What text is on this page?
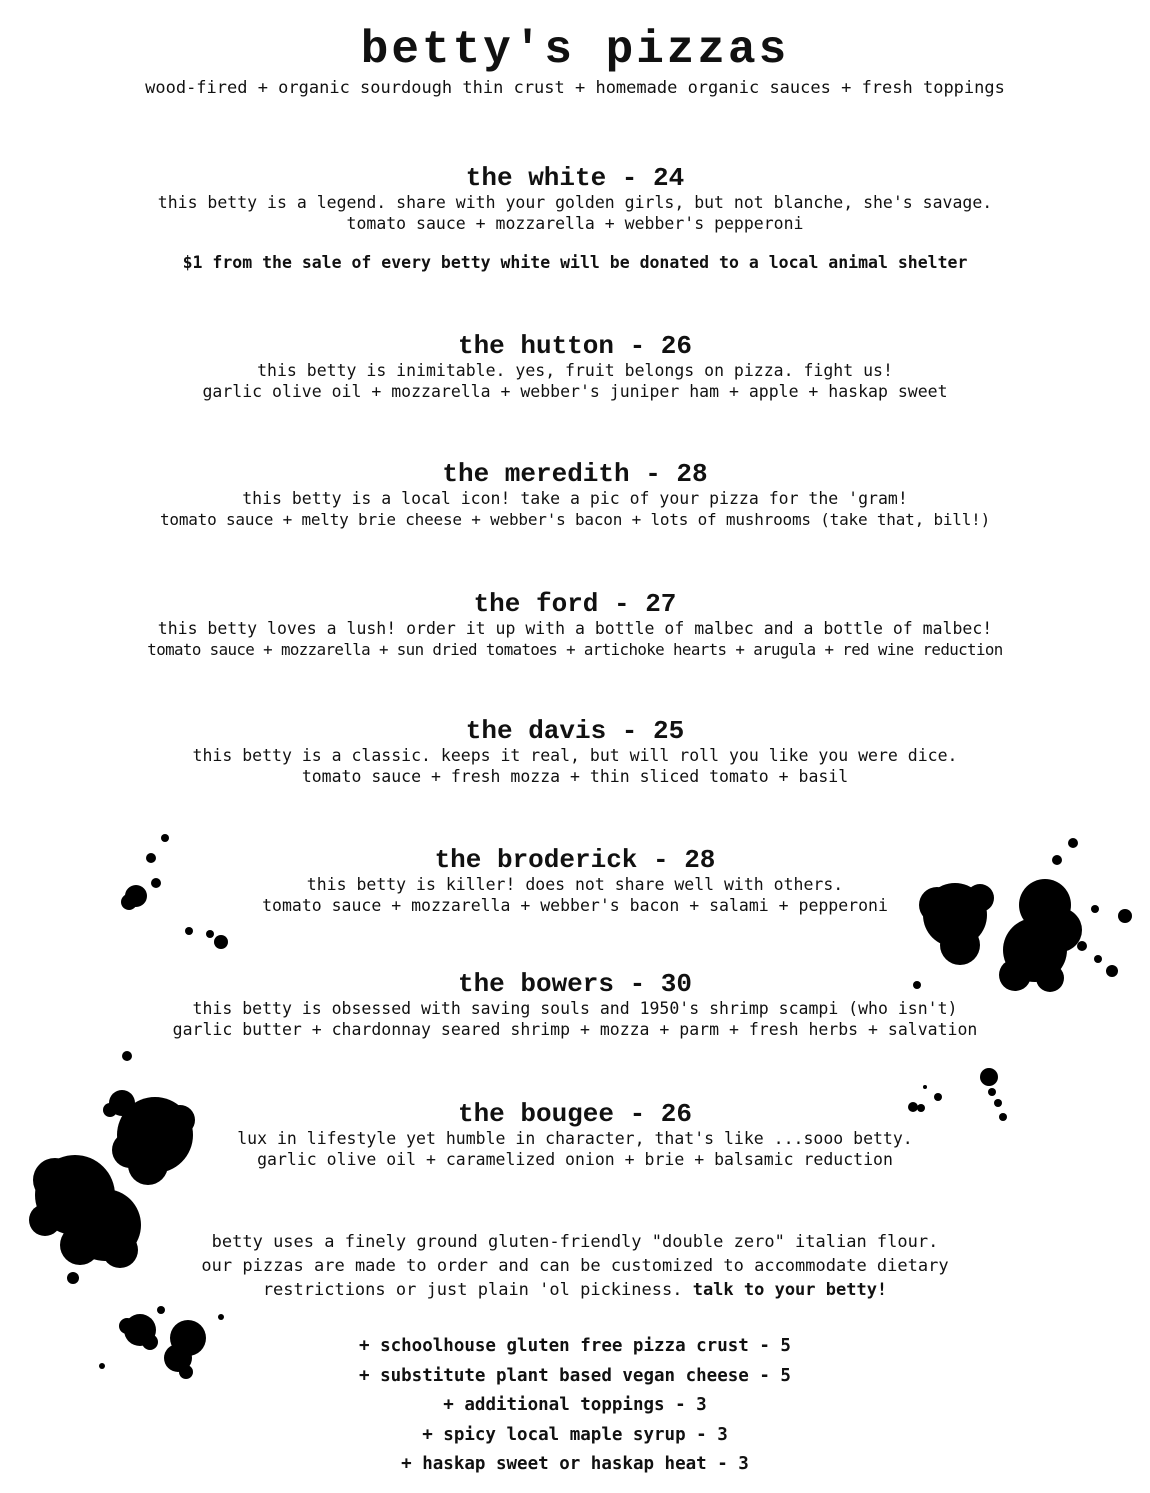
betty's pizzas

wood-fired + organic sourdough thin crust + homemade organic sauces + fresh toppings

the white - 24

this betty is a legend. share with your golden girls, but not blanche, she's savage.

tomato sauce + mozzarella + webber's pepperoni

$1 from the sale of every betty white will be donated to a local animal shelter

the hutton - 26

this betty is inimitable. yes, fruit belongs on pizza. fight us!

garlic olive oil + mozzarella + webber's juniper ham + apple + haskap sweet

the meredith - 28

this betty is a local icon! take a pic of your pizza for the 'gram!

tomato sauce + melty brie cheese + webber's bacon + lots of mushrooms (take that, bill!)

the ford - 27

this betty loves a lush! order it up with a bottle of malbec and a bottle of malbec!

tomato sauce + mozzarella + sun dried tomatoes + artichoke hearts + arugula + red wine reduction

the davis - 25

this betty is a classic. keeps it real, but will roll you like you were dice.

tomato sauce + fresh mozza + thin sliced tomato + basil

the broderick - 28

this betty is killer! does not share well with others.

tomato sauce + mozzarella + webber's bacon + salami + pepperoni

the bowers - 30

this betty is obsessed with saving souls and 1950's shrimp scampi (who isn't)

garlic butter + chardonnay seared shrimp + mozza + parm + fresh herbs + salvation

the bougee - 26

lux in lifestyle yet humble in character, that's like ...sooo betty.

garlic olive oil + caramelized onion + brie + balsamic reduction

betty uses a finely ground gluten-friendly "double zero" italian flour.

our pizzas are made to order and can be customized to accommodate dietary

restrictions or just plain 'ol pickiness. talk to your betty!

+ schoolhouse gluten free pizza crust - 5

+ substitute plant based vegan cheese - 5

+ additional toppings - 3

+ spicy local maple syrup - 3

+ haskap sweet or haskap heat - 3
